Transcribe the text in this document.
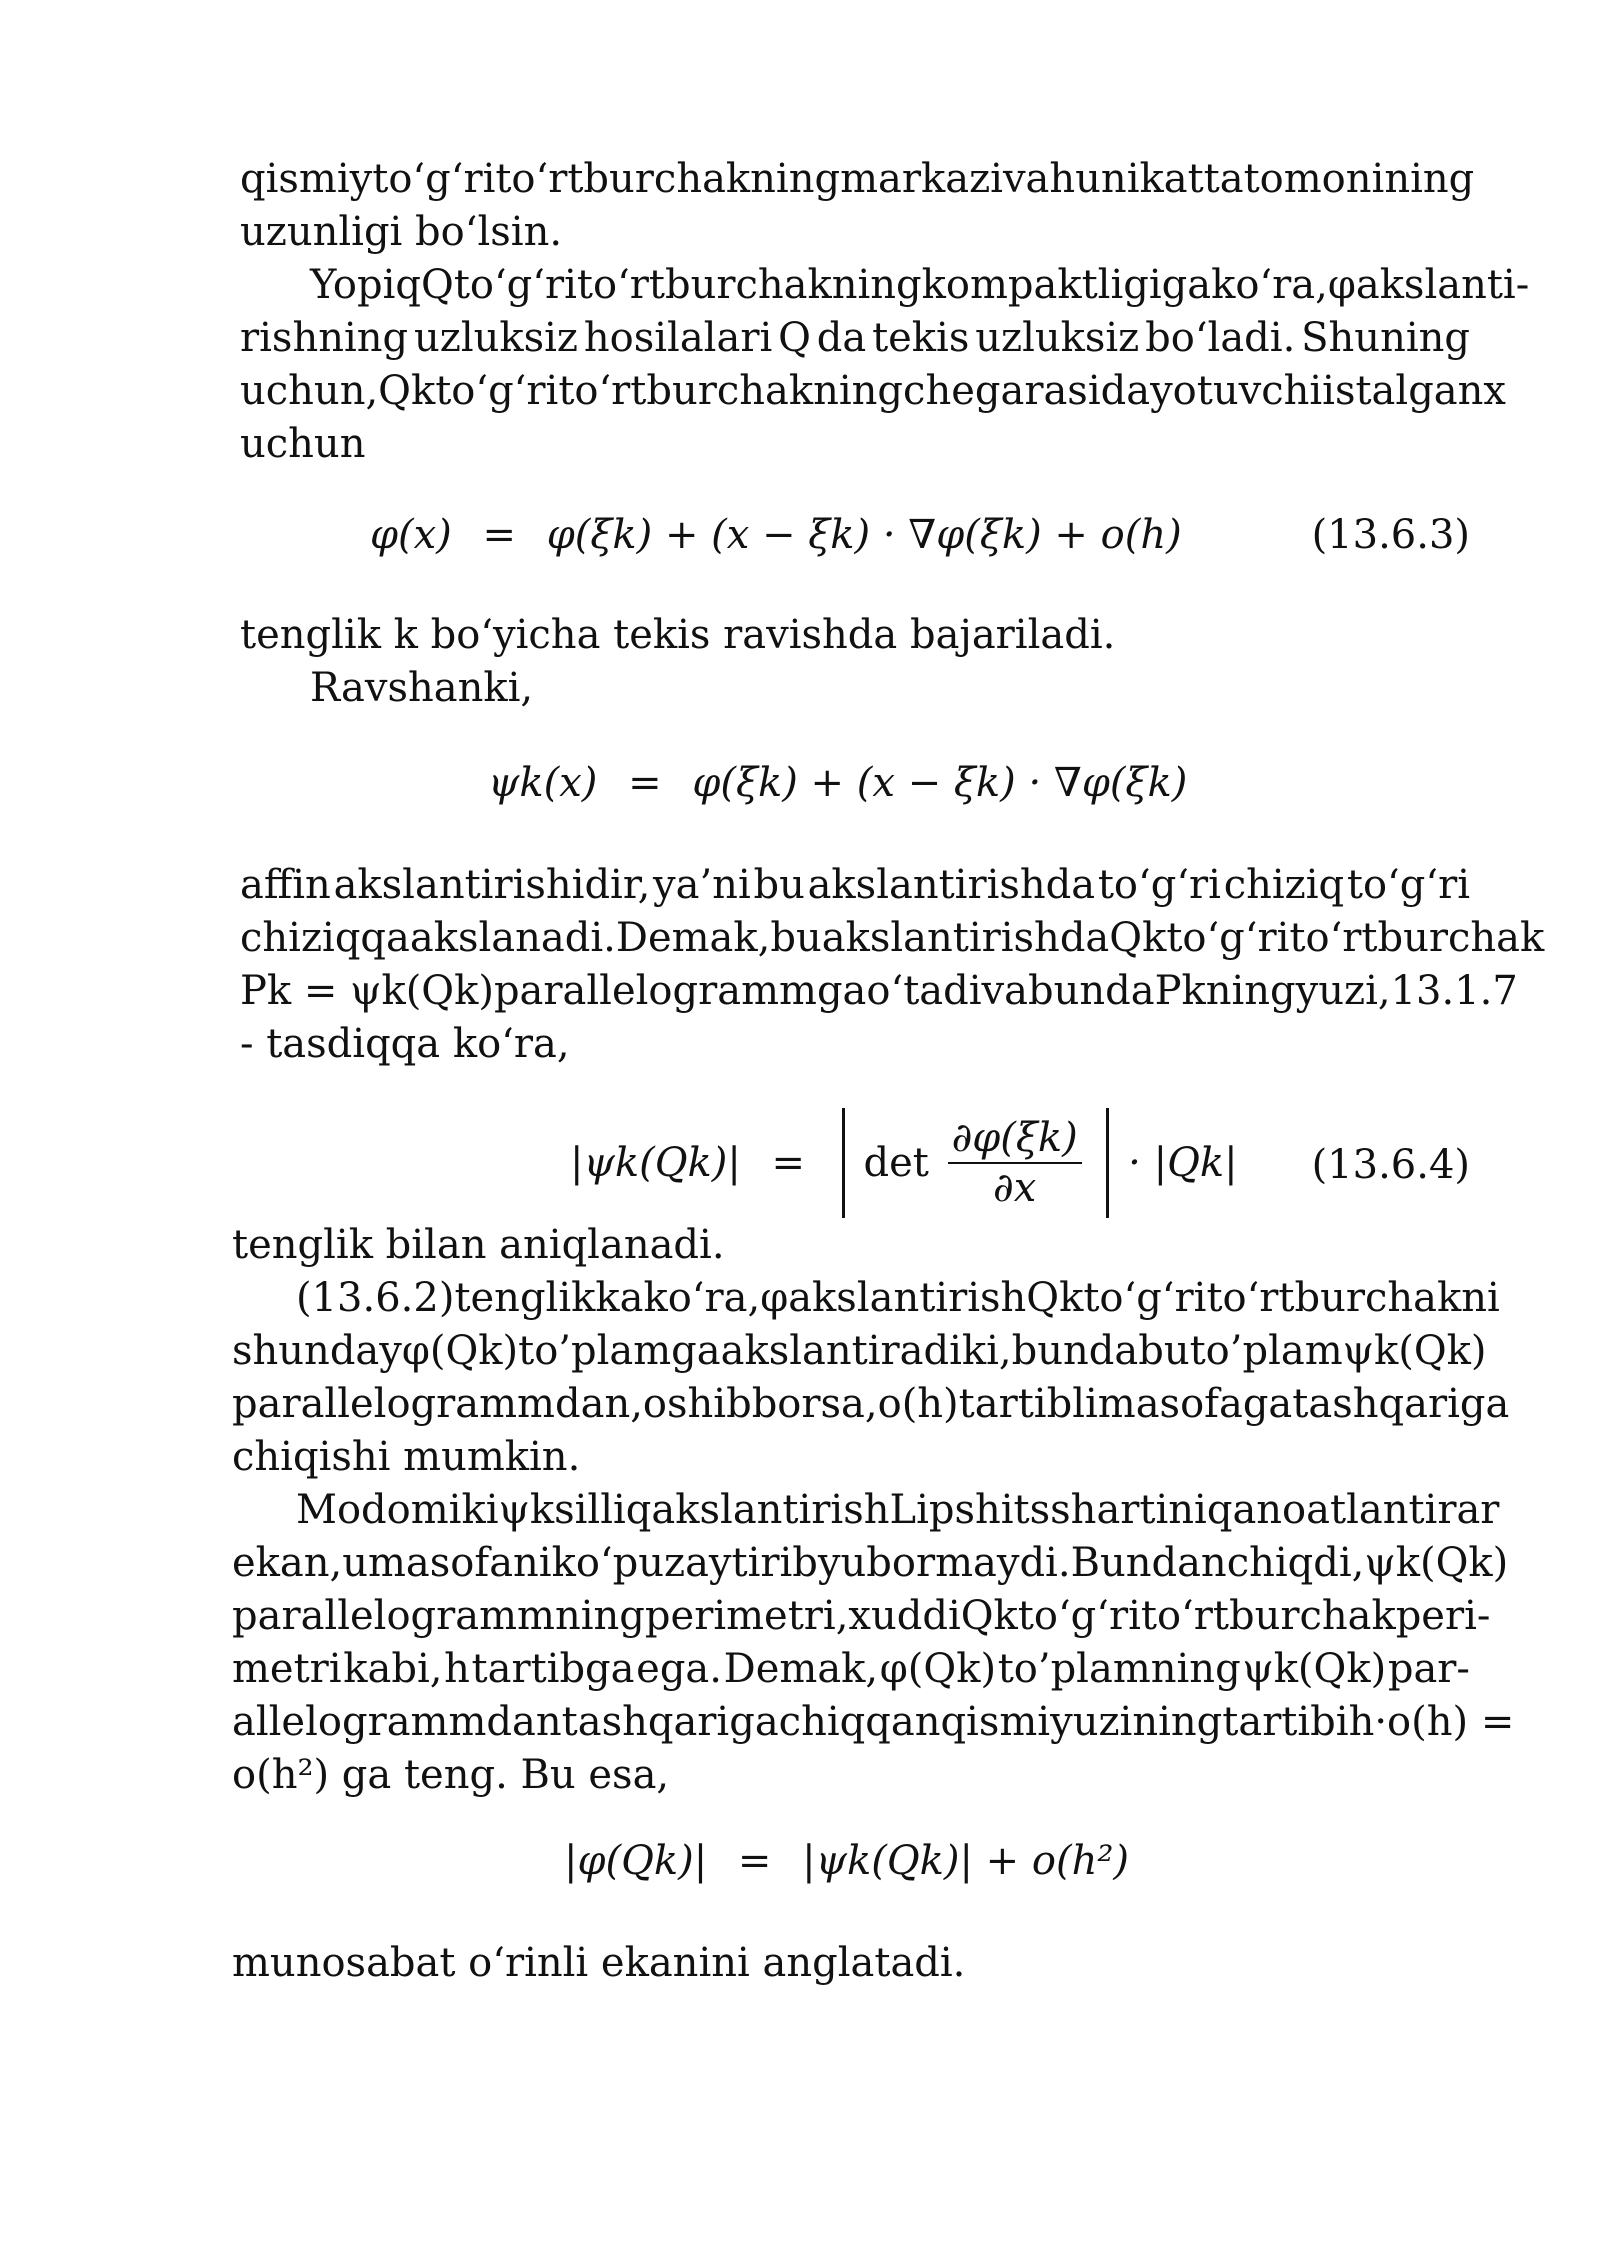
qismiy to‘g‘ri to‘rtburchakning markazi va h uni katta tomonining
uzunligi bo‘lsin.
Yopiq Q to‘g‘ri to‘rtburchakning kompaktligiga ko‘ra, φ akslanti-
rishning uzluksiz hosilalari Q da tekis uzluksiz bo‘ladi. Shuning
uchun, Qk to‘g‘ri to‘rtburchakning chegarasida yotuvchi istalgan x
uchun
φ(x) = φ(ξk) + (x − ξk) · ∇φ(ξk) + o(h)	(13.6.3)
tenglik k bo‘yicha tekis ravishda bajariladi.
Ravshanki,
ψk(x) = φ(ξk) + (x − ξk) · ∇φ(ξk)
affin akslantirishidir, ya’ni bu akslantirishda to‘g‘ri chiziq to‘g‘ri
chiziqqa akslanadi. Demak, bu akslantirishda Qk to‘g‘ri to‘rtburchak
Pk = ψk(Qk) parallelogrammga o‘tadi va bunda Pk ning yuzi, 13.1.7
- tasdiqqa ko‘ra,
$|\psi k(Qk)| = \det \frac{\partial\varphi(\xi k)}{\partial x} \cdot |Qk|$ (13.6.4)
tenglik bilan aniqlanadi.
(13.6.2) tenglikka ko‘ra, φ akslantirish Qk to‘g‘ri to‘rtburchakni
shunday φ(Qk) to’plamga akslantiradiki, bunda bu to’plam ψk(Qk)
parallelogrammdan, oshib borsa, o(h) tartibli masofaga tashqariga
chiqishi mumkin.
Modomiki ψk silliq akslantirish Lipshits shartini qanoatlantirar
ekan, u masofani ko‘p uzaytirib yubormaydi. Bundan chiqdi, ψk(Qk)
parallelogrammning perimetri, xuddi Qk to‘g‘ri to‘rtburchak peri-
metri kabi, h tartibga ega. Demak, φ(Qk) to’plamning ψk(Qk) par-
allelogrammdan tashqariga chiqqan qismi yuzining tartibi h·o(h) =
o(h²) ga teng. Bu esa,
|φ(Qk)| = |ψk(Qk)| + o(h²)
munosabat o‘rinli ekanini anglatadi.
